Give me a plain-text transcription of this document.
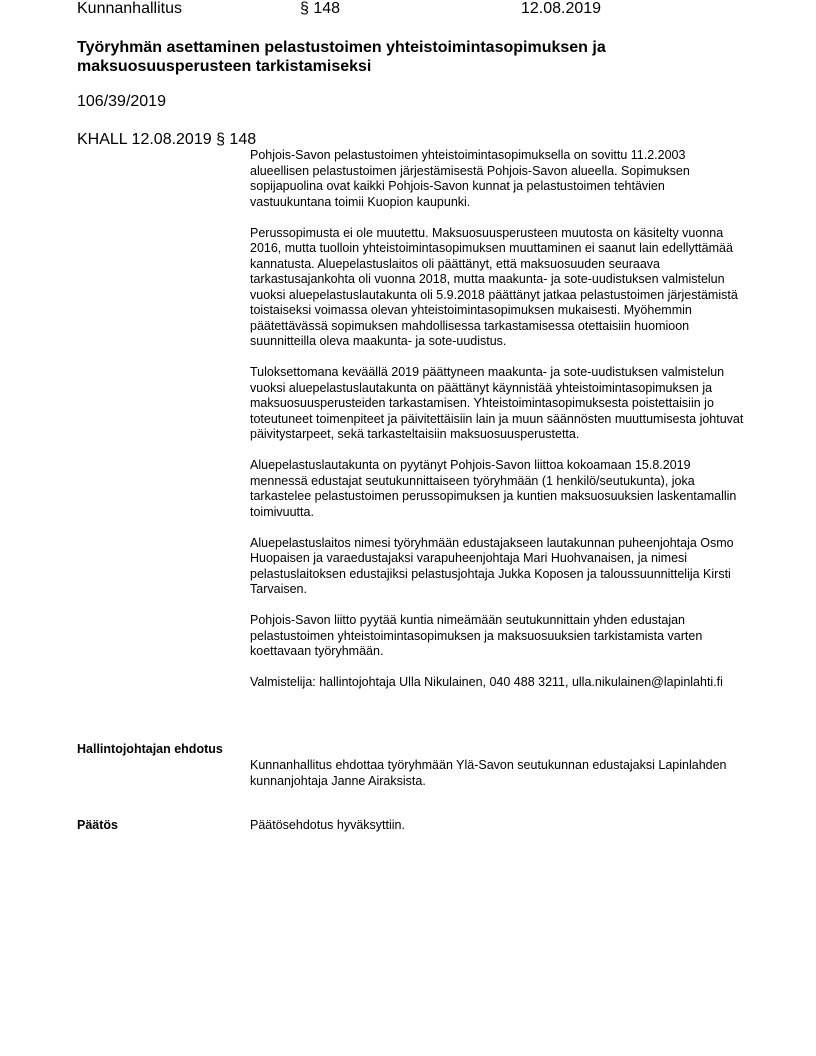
Kunnanhallitus	§ 148	12.08.2019
Työryhmän asettaminen pelastustoimen yhteistoimintasopimuksen ja maksuosuusperusteen tarkistamiseksi
106/39/2019
KHALL 12.08.2019 § 148

Pohjois-Savon pelastustoimen yhteistoimintasopimuksella on sovittu 11.2.2003 alueellisen pelastustoimen järjestämisestä Pohjois-Savon alueella. Sopimuksen sopijapuolina ovat kaikki Pohjois-Savon kunnat ja pelastustoimen tehtävien vastuukuntana toimii Kuopion kaupunki.

Perussopimusta ei ole muutettu. Maksuosuusperusteen muutosta on käsitelty vuonna 2016, mutta tuolloin yhteistoimintasopimuksen muuttaminen ei saanut lain edellyttämää kannatusta. Aluepelastuslaitos oli päättänyt, että maksuosuuden seuraava tarkastusajankohta oli vuonna 2018, mutta maakunta- ja sote-uudistuksen valmistelun vuoksi aluepelastuslautakunta oli 5.9.2018 päättänyt jatkaa pelastustoimen järjestämistä toistaiseksi voimassa olevan yhteistoimintasopimuksen mukaisesti. Myöhemmin päätettävässä sopimuksen mahdollisessa tarkastamisessa otettaisiin huomioon suunnitteilla oleva maakunta- ja sote-uudistus.

Tuloksettomana keväällä 2019 päättyneen maakunta- ja sote-uudistuksen valmistelun vuoksi aluepelastuslautakunta on päättänyt käynnistää yhteistoimintasopimuksen ja maksuosuusperusteiden tarkastamisen. Yhteistoimintasopimuksesta poistettaisiin jo toteutuneet toimenpiteet ja päivitettäisiin lain ja muun säännösten muuttumisesta johtuvat päivitystarpeet, sekä tarkasteltaisiin maksuosuusperustetta.

Aluepelastuslautakunta on pyytänyt Pohjois-Savon liittoa kokoamaan 15.8.2019 mennessä edustajat seutukunnittaiseen työryhmään (1 henkilö/seutukunta), joka tarkastelee pelastustoimen perussopimuksen ja kuntien maksuosuuksien laskentamallin toimivuutta.

Aluepelastuslaitos nimesi työryhmään edustajakseen lautakunnan puheenjohtaja Osmo Huopaisen ja varaedustajaksi varapuheenjohtaja Mari Huohvanaisen, ja nimesi pelastuslaitoksen edustajiksi pelastusjohtaja Jukka Koposen ja taloussuunnittelija Kirsti Tarvaisen.

Pohjois-Savon liitto pyytää kuntia nimeämään seutukunnittain yhden edustajan pelastustoimen yhteistoimintasopimuksen ja maksuosuuksien tarkistamista varten koettavaan työryhmään.

Valmistelija: hallintojohtaja Ulla Nikulainen, 040 488 3211, ulla.nikulainen@lapinlahti.fi

Hallintojohtajan ehdotus
Kunnanhallitus ehdottaa työryhmään Ylä-Savon seutukunnan edustajaksi Lapinlahden kunnanjohtaja Janne Airaksista.
Päätös	Päätösehdotus hyväksyttiin.
